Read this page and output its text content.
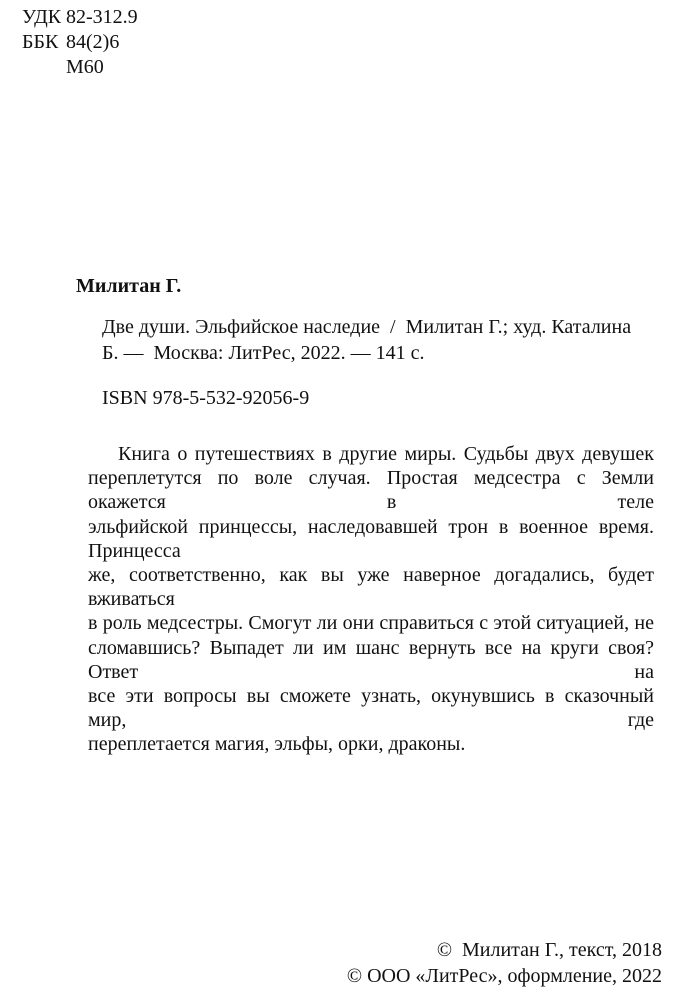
УДК 82-312.9
ББК 84(2)6
М60
Милитан Г.
Две души. Эльфийское наследие  /  Милитан Г.; худ. Каталина
Б. —  Москва: ЛитРес, 2022. — 141 с.
ISBN 978-5-532-92056-9
Книга о путешествиях в другие миры. Судьбы двух девушек
переплетутся по воле случая. Простая медсестра с Земли окажется в теле
эльфийской принцессы, наследовавшей трон в военное время. Принцесса
же, соответственно, как вы уже наверное догадались, будет вживаться
в роль медсестры. Смогут ли они справиться с этой ситуацией, не
сломавшись? Выпадет ли им шанс вернуть все на круги своя? Ответ на
все эти вопросы вы сможете узнать, окунувшись в сказочный мир, где
переплетается магия, эльфы, орки, драконы.
©  Милитан Г., текст, 2018
© ООО «ЛитРес», оформление, 2022
